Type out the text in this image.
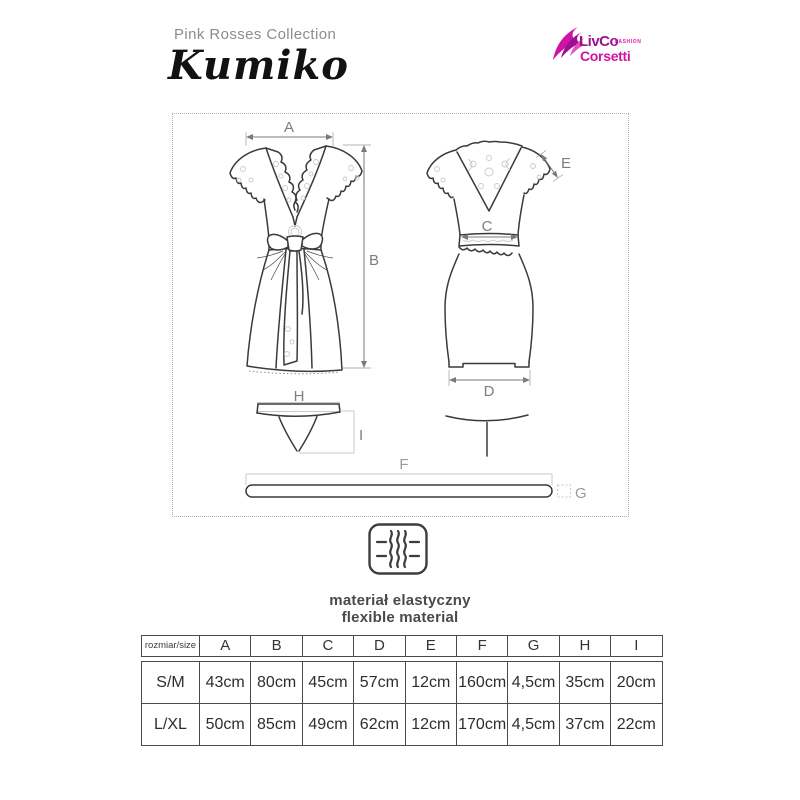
Pink Rosses Collection
Kumiko
LivCo
FASHION
Corsetti
A
B
C
D
E
F
G
H
I
materiał elastyczny
flexible material
rozmiar/size	A	B	C	D	E	F	G	H	I
S/M	43cm 80cm 45cm 57cm 12cm 160cm 4,5cm 35cm 20cm
L/XL	50cm 85cm 49cm 62cm 12cm 170cm 4,5cm 37cm 22cm
